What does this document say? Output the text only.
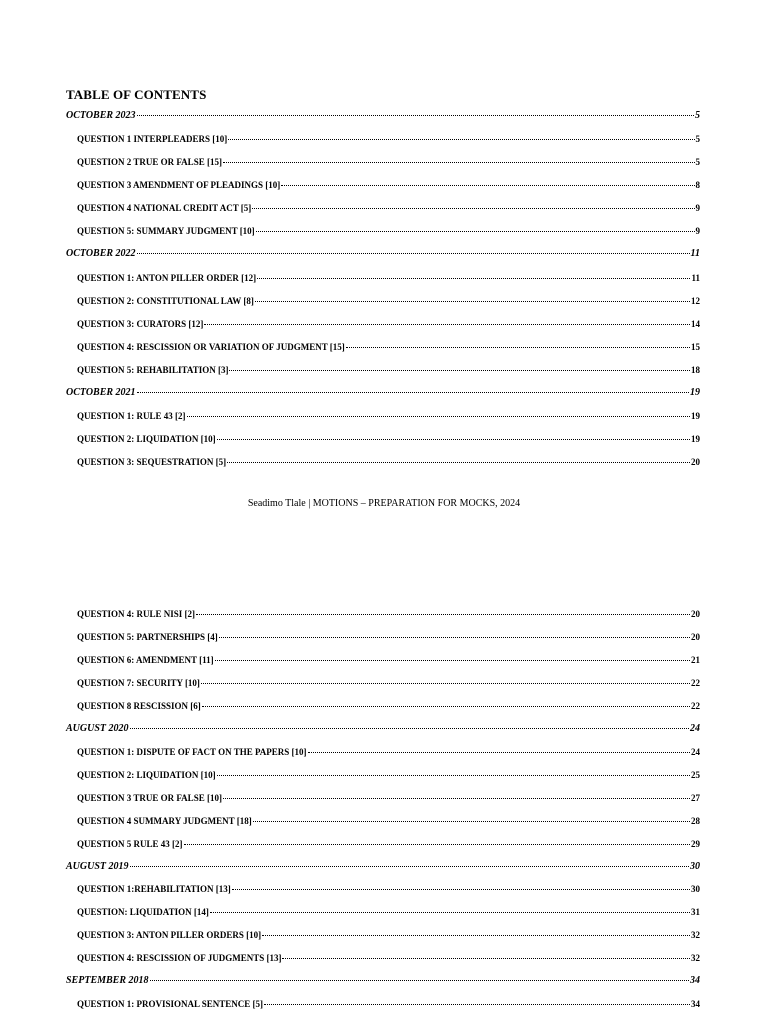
TABLE OF CONTENTS
OCTOBER 2023	5
QUESTION 1 INTERPLEADERS [10]	5
QUESTION 2 TRUE OR FALSE [15]	5
QUESTION 3 AMENDMENT OF PLEADINGS [10]	8
QUESTION 4 NATIONAL CREDIT ACT [5]	9
QUESTION 5: SUMMARY JUDGMENT [10]	9
OCTOBER 2022	11
QUESTION 1: ANTON PILLER ORDER [12]	11
QUESTION 2: CONSTITUTIONAL LAW [8]	12
QUESTION 3: CURATORS [12]	14
QUESTION 4: RESCISSION OR VARIATION OF JUDGMENT [15]	15
QUESTION 5: REHABILITATION [3]	18
OCTOBER 2021	19
QUESTION 1: RULE 43 [2]	19
QUESTION 2: LIQUIDATION [10]	19
QUESTION 3: SEQUESTRATION [5]	20
QUESTION 4: RULE NISI [2]	20
QUESTION 5: PARTNERSHIPS [4]	20
QUESTION 6: AMENDMENT [11]	21
QUESTION 7: SECURITY [10]	22
QUESTION 8 RESCISSION [6]	22
AUGUST 2020	24
QUESTION 1: DISPUTE OF FACT ON THE PAPERS [10]	24
QUESTION 2: LIQUIDATION [10]	25
QUESTION 3 TRUE OR FALSE [10]	27
QUESTION 4 SUMMARY JUDGMENT [18]	28
QUESTION 5 RULE 43 [2]	29
AUGUST 2019	30
QUESTION 1:REHABILITATION [13]	30
QUESTION: LIQUIDATION [14]	31
QUESTION 3: ANTON PILLER ORDERS [10]	32
QUESTION 4: RESCISSION OF JUDGMENTS [13]	32
SEPTEMBER 2018	34
QUESTION 1: PROVISIONAL SENTENCE [5]	34
Seadimo Tlale | MOTIONS – PREPARATION FOR MOCKS, 2024
